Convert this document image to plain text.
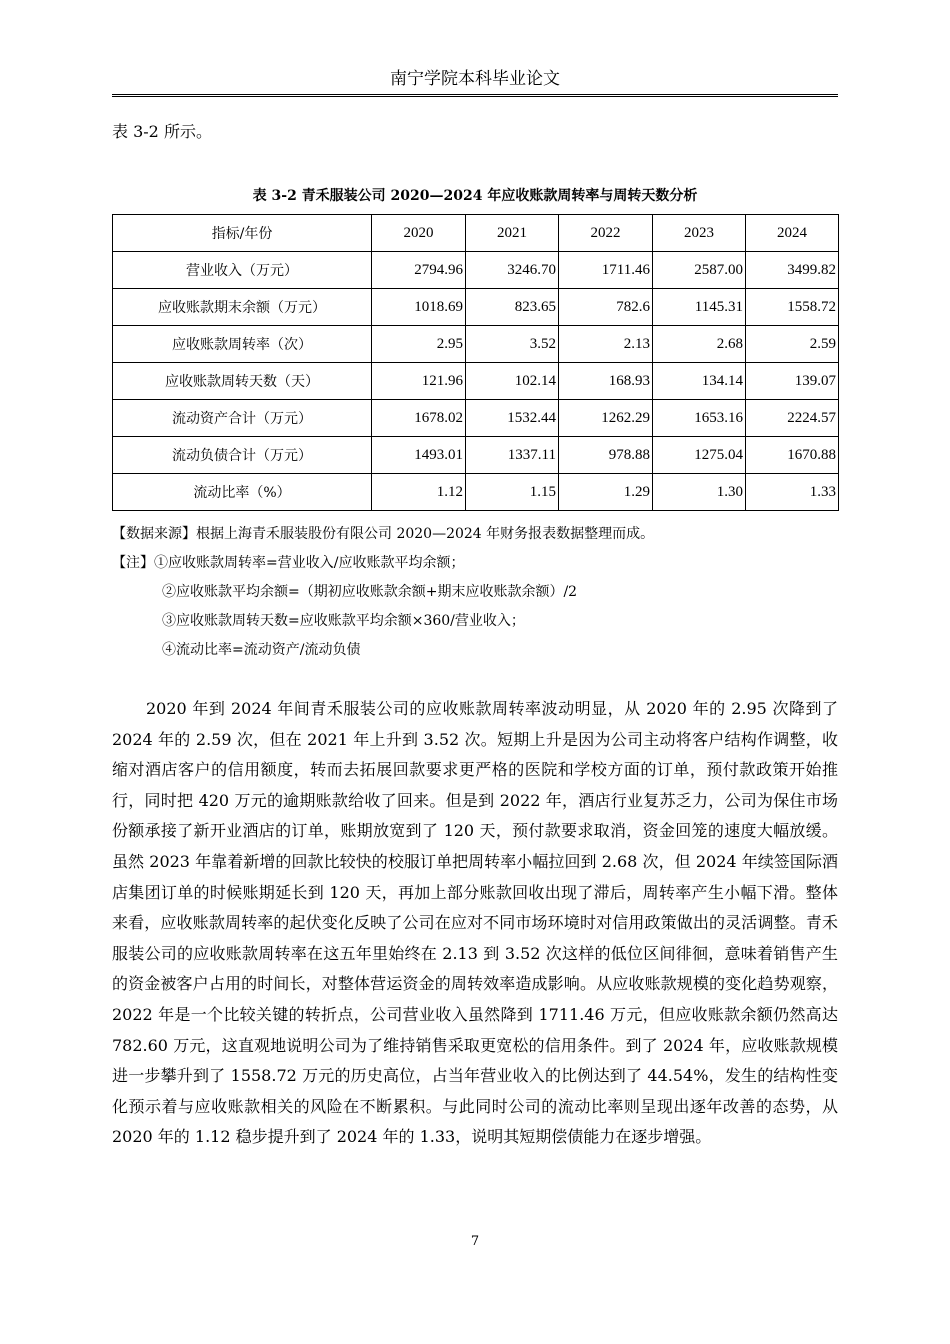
南宁学院本科毕业论文
表 3-2 所示。
表 3-2 青禾服装公司 2020—2024 年应收账款周转率与周转天数分析
指标/年份	2020	2021	2022	2023	2024
营业收入（万元）	2794.96	3246.70	1711.46	2587.00	3499.82
应收账款期末余额（万元）	1018.69	823.65	782.6	1145.31	1558.72
应收账款周转率（次）	2.95	3.52	2.13	2.68	2.59
应收账款周转天数（天）	121.96	102.14	168.93	134.14	139.07
流动资产合计（万元）	1678.02	1532.44	1262.29	1653.16	2224.57
流动负债合计（万元）	1493.01	1337.11	978.88	1275.04	1670.88
流动比率（%）	1.12	1.15	1.29	1.30	1.33
【数据来源】根据上海青禾服装股份有限公司 2020—2024 年财务报表数据整理而成。
【注】①应收账款周转率=营业收入/应收账款平均余额；
②应收账款平均余额=（期初应收账款余额+期末应收账款余额）/2
③应收账款周转天数=应收账款平均余额×360/营业收入；
④流动比率=流动资产/流动负债

2020 年到 2024 年间青禾服装公司的应收账款周转率波动明显，从 2020 年的 2.95 次降到了 2024 年的 2.59 次，但在 2021 年上升到 3.52 次。短期上升是因为公司主动将客户结构作调整，收缩对酒店客户的信用额度，转而去拓展回款要求更严格的医院和学校方面的订单，预付款政策开始推行，同时把 420 万元的逾期账款给收了回来。但是到 2022 年，酒店行业复苏乏力，公司为保住市场份额承接了新开业酒店的订单，账期放宽到了 120 天，预付款要求取消，资金回笼的速度大幅放缓。虽然 2023 年靠着新增的回款比较快的校服订单把周转率小幅拉回到 2.68 次，但 2024 年续签国际酒店集团订单的时候账期延长到 120 天，再加上部分账款回收出现了滞后，周转率产生小幅下滑。整体来看，应收账款周转率的起伏变化反映了公司在应对不同市场环境时对信用政策做出的灵活调整。青禾服装公司的应收账款周转率在这五年里始终在 2.13 到 3.52 次这样的低位区间徘徊，意味着销售产生的资金被客户占用的时间长，对整体营运资金的周转效率造成影响。从应收账款规模的变化趋势观察，2022 年是一个比较关键的转折点，公司营业收入虽然降到 1711.46 万元，但应收账款余额仍然高达 782.60 万元，这直观地说明公司为了维持销售采取更宽松的信用条件。到了 2024 年，应收账款规模进一步攀升到了 1558.72 万元的历史高位，占当年营业收入的比例达到了 44.54%，发生的结构性变化预示着与应收账款相关的风险在不断累积。与此同时公司的流动比率则呈现出逐年改善的态势，从 2020 年的 1.12 稳步提升到了 2024 年的 1.33，说明其短期偿债能力在逐步增强。

7
